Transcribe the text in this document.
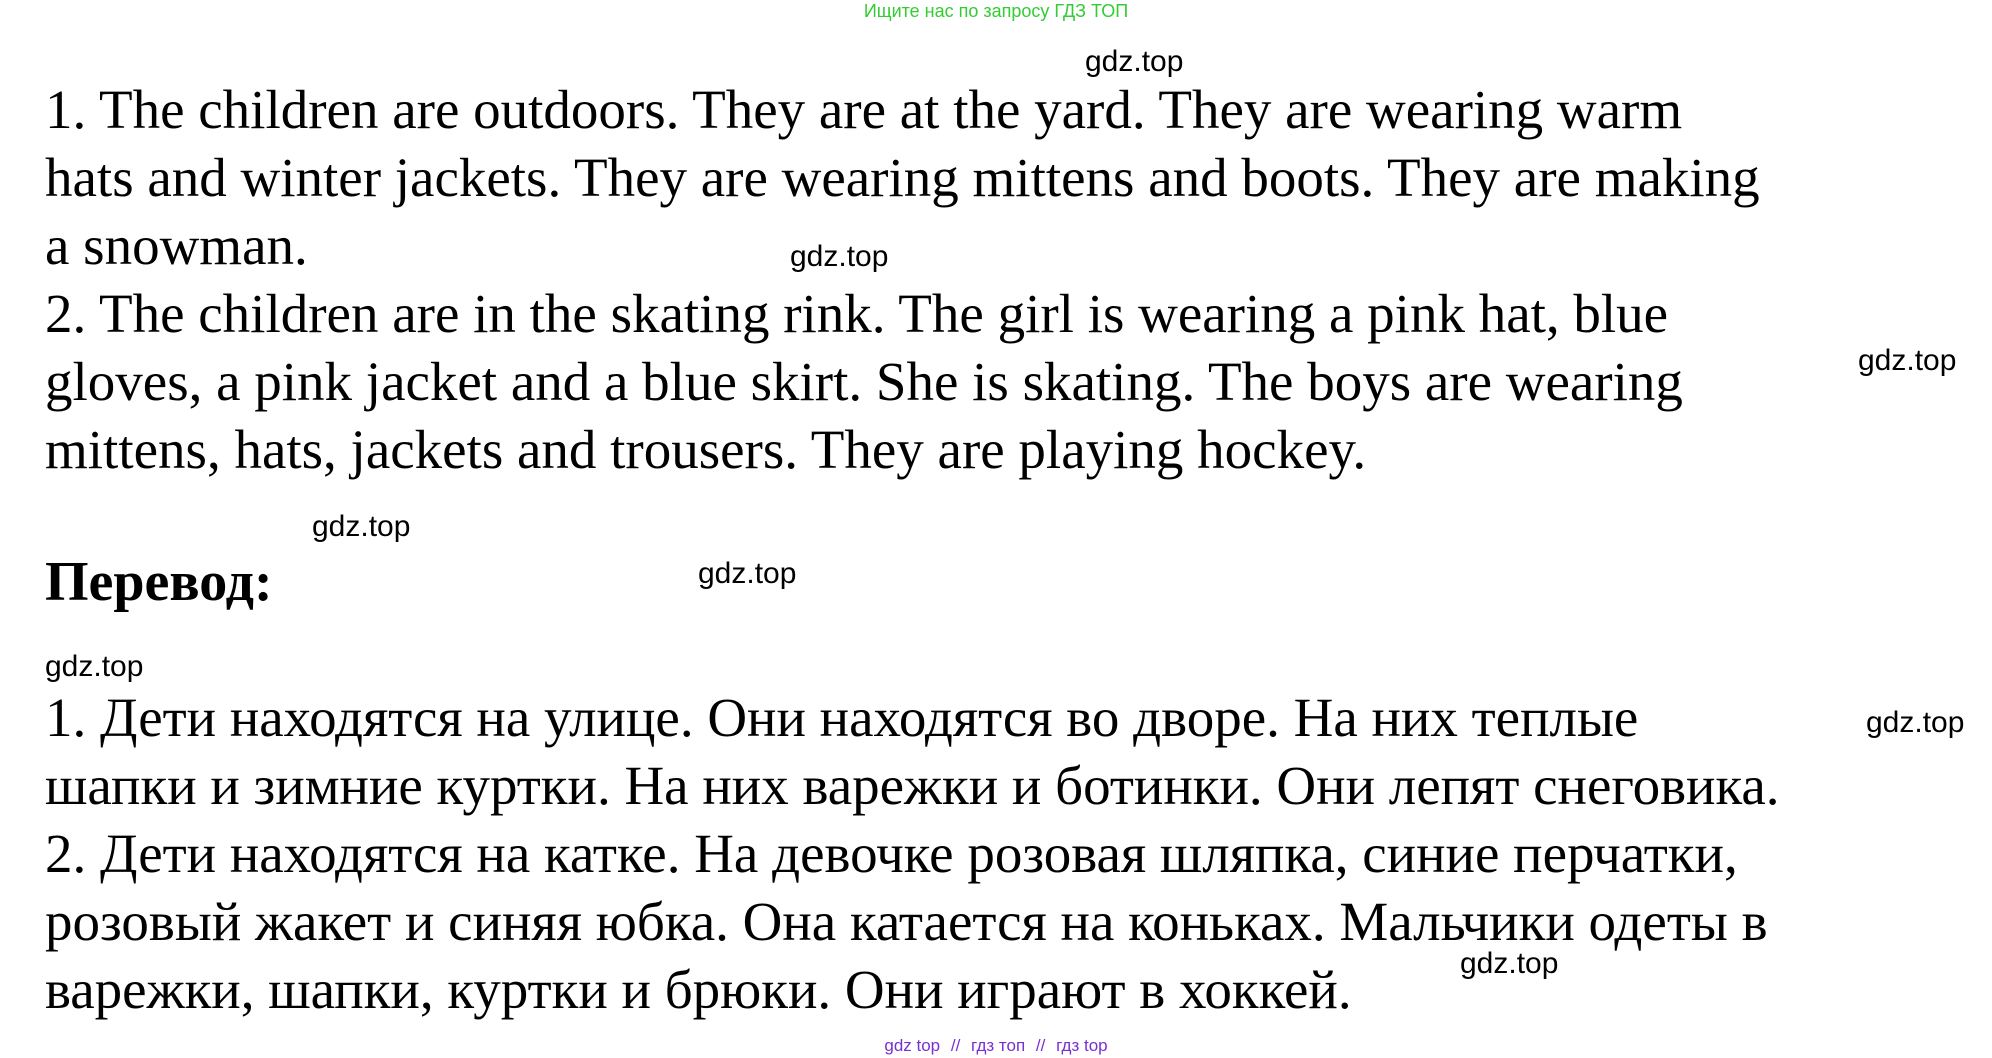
Ищите нас по запросу ГДЗ ТОП
gdz.top
gdz.top
gdz.top
gdz.top
gdz.top
gdz.top
gdz.top
gdz.top
1. The children are outdoors. They are at the yard. They are wearing warm
hats and winter jackets. They are wearing mittens and boots. They are making
a snowman.
2. The children are in the skating rink. The girl is wearing a pink hat, blue
gloves, a pink jacket and a blue skirt. She is skating. The boys are wearing
mittens, hats, jackets and trousers. They are playing hockey.
Перевод:
1. Дети находятся на улице. Они находятся во дворе. На них теплые
шапки и зимние куртки. На них варежки и ботинки. Они лепят снеговика.
2. Дети находятся на катке. На девочке розовая шляпка, синие перчатки,
розовый жакет и синяя юбка. Она катается на коньках. Мальчики одеты в
варежки, шапки, куртки и брюки. Они играют в хоккей.
gdz top // гдз топ // гдз top
